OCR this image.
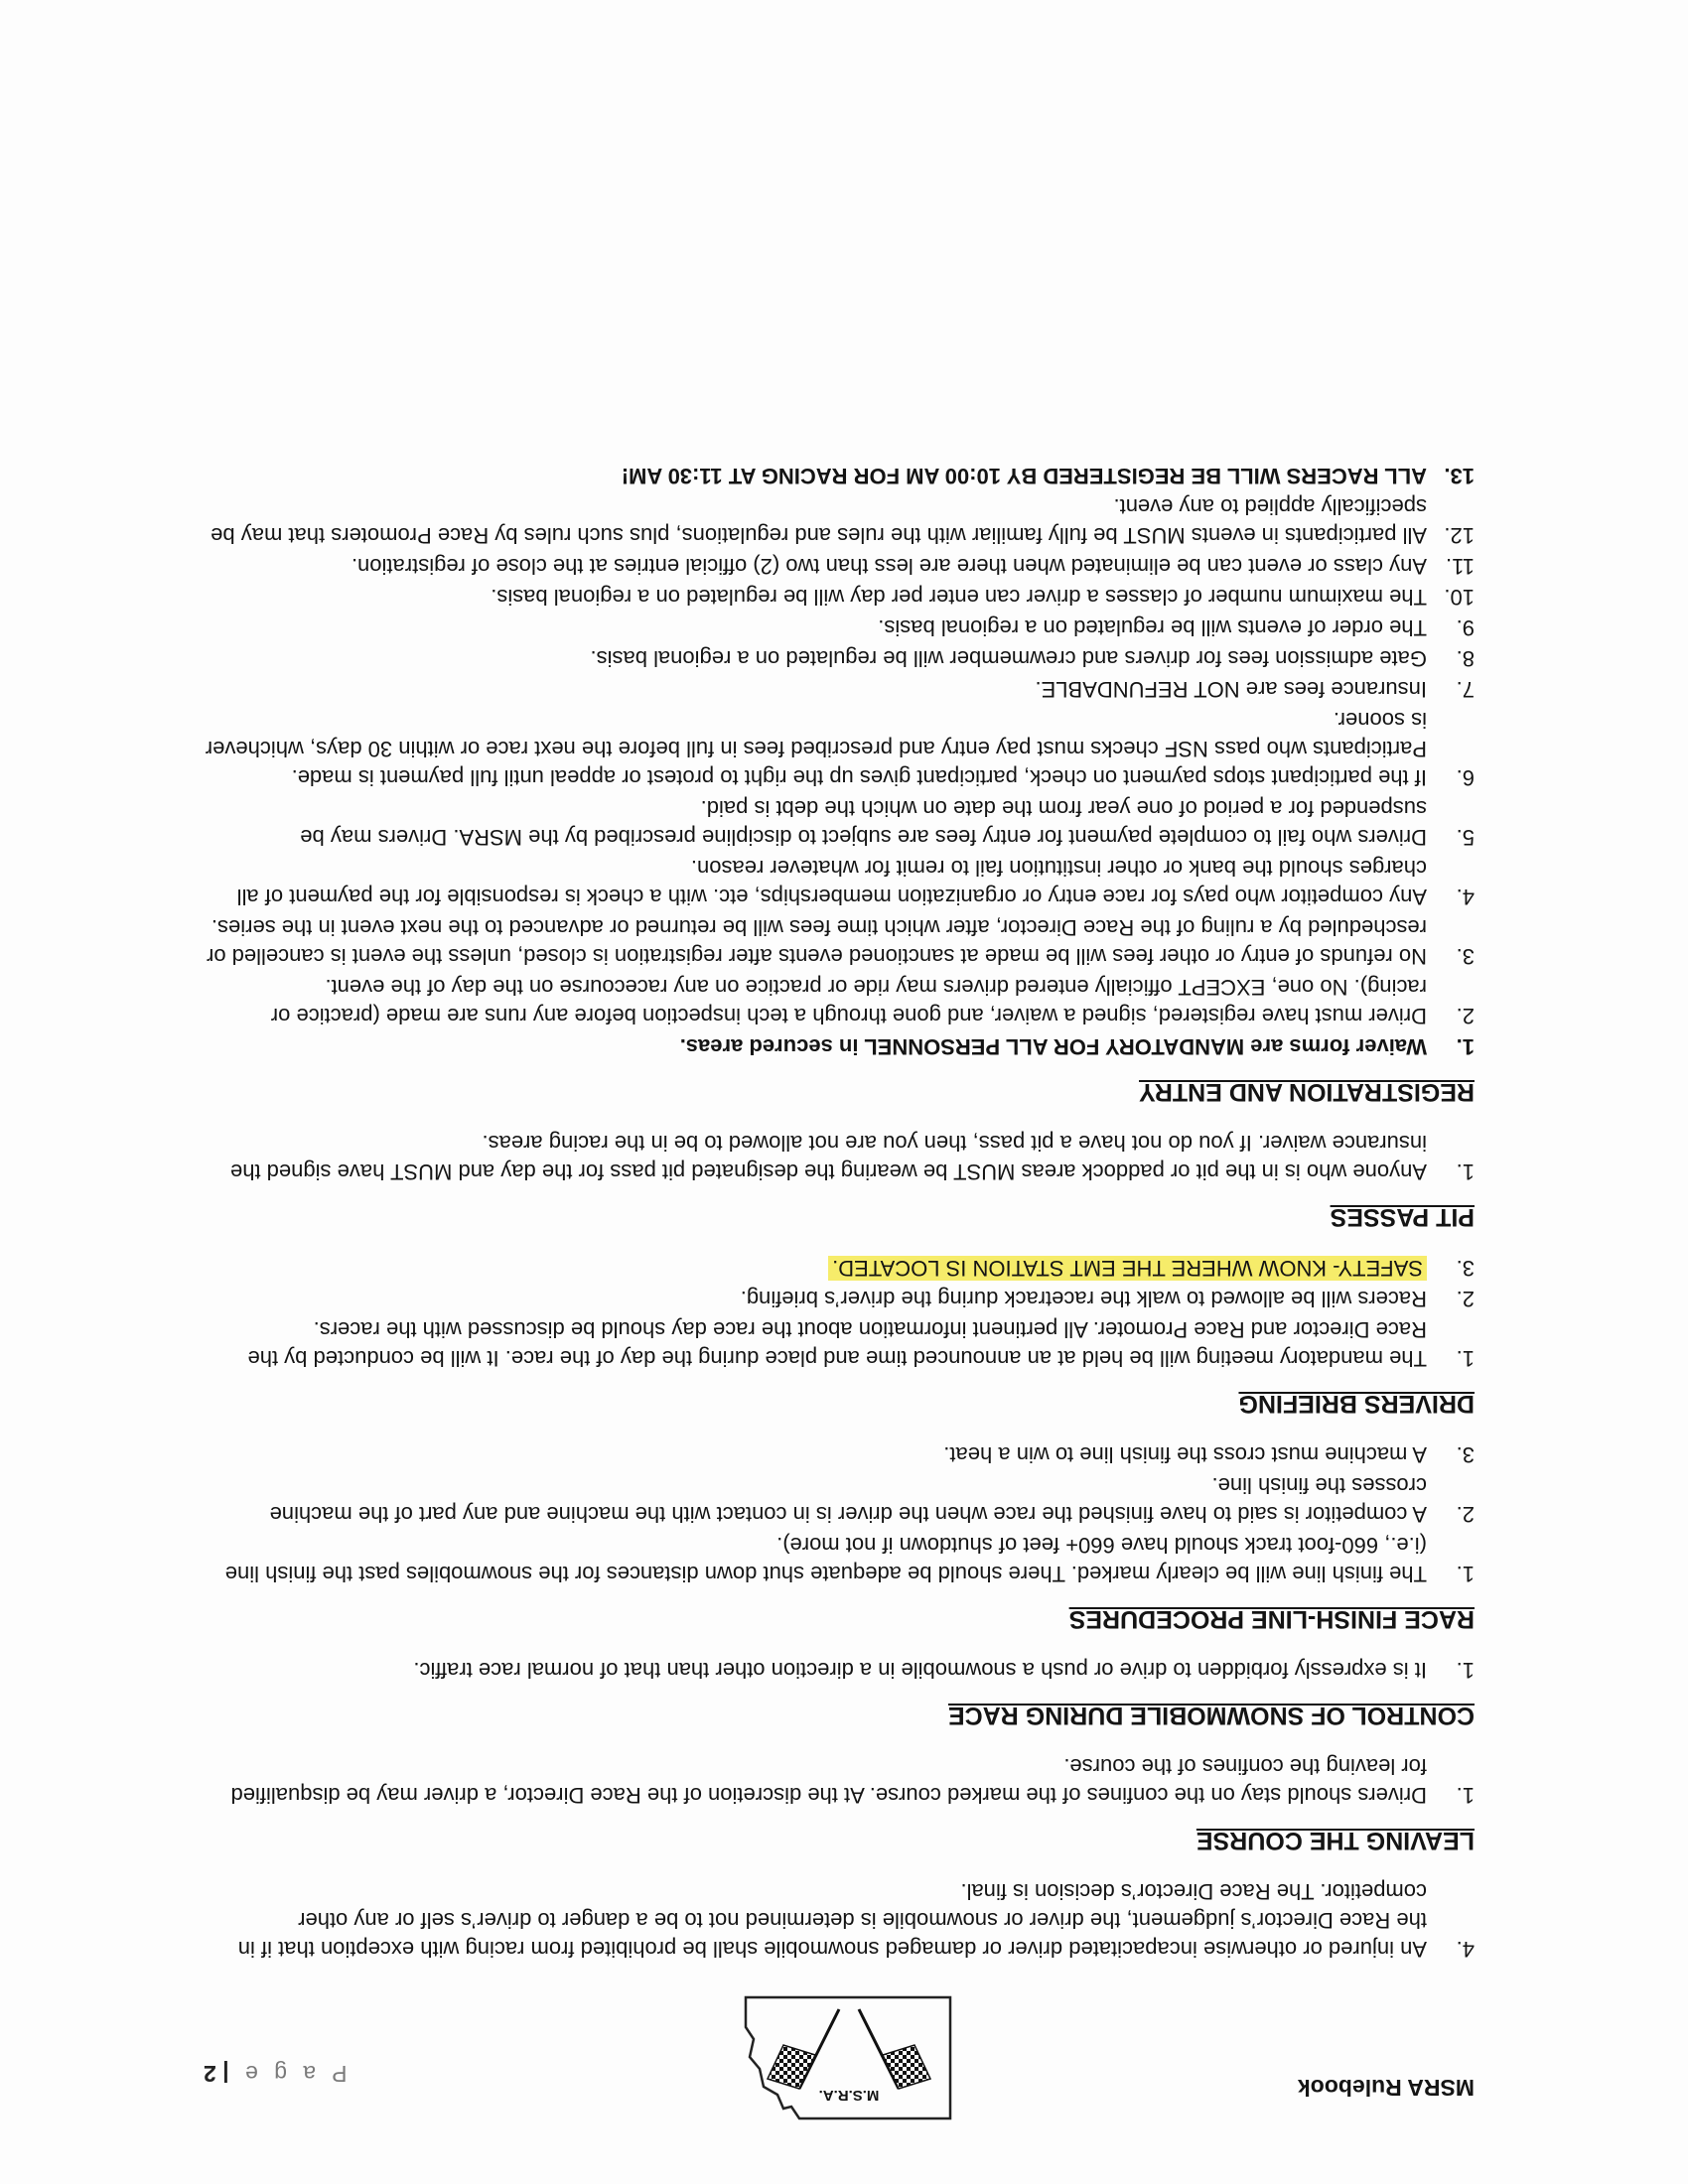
MSRA Rulebook
M.S.R.A.
P a g e | 2
4.
An injured or otherwise incapacitated driver or damaged snowmobile shall be prohibited from racing with exception that if in the Race Director’s judgement, the driver or snowmobile is determined not to be a danger to driver’s self or any other competitor. The Race Director’s decision is final.
LEAVING THE COURSE
1.
Drivers should stay on the confines of the marked course. At the discretion of the Race Director, a driver may be disqualified for leaving the confines of the course.
CONTROL OF SNOWMOBILE DURING RACE
1.
It is expressly forbidden to drive or push a snowmobile in a direction other than that of normal race traffic.
RACE FINISH-LINE PROCEDURES
1.
The finish line will be clearly marked. There should be adequate shut down distances for the snowmobiles past the finish line (i.e., 660-foot track should have 660+ feet of shutdown if not more).
2.
A competitor is said to have finished the race when the driver is in contact with the machine and any part of the machine crosses the finish line.
3.
A machine must cross the finish line to win a heat.
DRIVERS BRIEFING
1.
The mandatory meeting will be held at an announced time and place during the day of the race. It will be conducted by the Race Director and Race Promoter. All pertinent information about the race day should be discussed with the racers.
2.
Racers will be allowed to walk the racetrack during the driver’s briefing.
3.
SAFETY- KNOW WHERE THE EMT STATION IS LOCATED.
PIT PASSES
1.
Anyone who is in the pit or paddock areas MUST be wearing the designated pit pass for the day and MUST have signed the insurance waiver. If you do not have a pit pass, then you are not allowed to be in the racing areas.
REGISTRATION AND ENTRY
1.
Waiver forms are MANDATORY FOR ALL PERSONNEL in secured areas.
2.
Driver must have registered, signed a waiver, and gone through a tech inspection before any runs are made (practice or racing). No one, EXCEPT officially entered drivers may ride or practice on any racecourse on the day of the event.
3.
No refunds of entry or other fees will be made at sanctioned events after registration is closed, unless the event is cancelled or rescheduled by a ruling of the Race Director, after which time fees will be returned or advanced to the next event in the series.
4.
Any competitor who pays for race entry or organization memberships, etc. with a check is responsible for the payment of all charges should the bank or other institution fail to remit for whatever reason.
5.
Drivers who fail to complete payment for entry fees are subject to discipline prescribed by the MSRA. Drivers may be suspended for a period of one year from the date on which the debt is paid.
6.
If the participant stops payment on check, participant gives up the right to protest or appeal until full payment is made. Participants who pass NSF checks must pay entry and prescribed fees in full before the next race or within 30 days, whichever is sooner.
7.
Insurance fees are NOT REFUNDABLE.
8.
Gate admission fees for drivers and crewmember will be regulated on a regional basis.
9.
The order of events will be regulated on a regional basis.
10.
The maximum number of classes a driver can enter per day will be regulated on a regional basis.
11.
Any class or event can be eliminated when there are less than two (2) official entries at the close of registration.
12.
All participants in events MUST be fully familiar with the rules and regulations, plus such rules by Race Promoters that may be specifically applied to any event.
13.
ALL RACERS WILL BE REGISTERED BY 10:00 AM FOR RACING AT 11:30 AM!
